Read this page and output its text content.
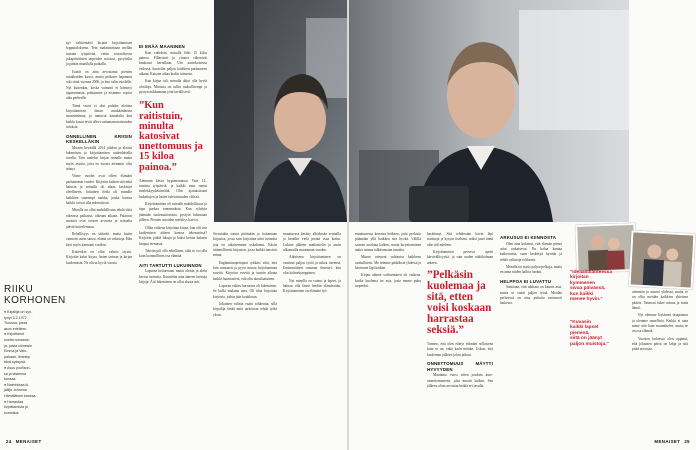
RIIKU
KORHONEN
● Kirjailija on syn-
tynyt 3.2.1972
Turussa, jossa
asuu edelleen.
● Kirjoittanut
useita romaane-
ja, joista viimeisin
Emma ja Valo-
pahaan, ilmestyi
tänä syksynä.
● Asuu puolison-
sa ja lastensa
kanssa.
● Naimisissa ki-
jailija Johanna
Hämäläisen kanssa.
● Harrastaa
kirjoittamista ja
kuntoilua.

nyt välittömästi kirjani kirjoittamisen lopputuloksena. Tein maksimimaan mellän taustan työpäivää, vietin sosiaalisessa jokapäiväisten tarpeiden asioissa, pysyttelin ja päätin maatilalla paikalla.

Isoäiti on aina arvostanut pienten asiakkaiden kuvia, mutta pelkoon hapannut toki siinä vuonna 2006, ja kun tulin vuodelle. Nyt kuitenkin, koska vaimoni ei kärsinyt tapaturmasta, puhuimme ja etsimme sopiva aika perheelle.

Tämä vuosi ei olut puhdas aloittaa kirjoittamisen ilman minkäänlaisen suunnitelmaa, ja tuntuvat kamalalta kun kaikki kuvat eivät olleet sattumanvaraisuuden tuloksia.

ONNELLINEN KRIISIN KESKELLÄKIN

Muutin keväällä 2014 johdon ja aloitin lukemisen ja kirjoittamisen uudenlaisella tavalla. Tein uudeksi kirjan rinnalle mutta myös asioita, joita en vuosia aiemmin olisi tehnyt.

Viime vuodet ovat olleet elämäni parhaimmat vuodet. Kirjoitin kaiken sitä mitä halusin ja minulla oli aikaa keskittyä oleelliseen. Jokainen hetki oli minulle kaikkien suurempi taakka, jonka kanssa kaikki voivat olla tekemisissä.

Minulla on ollut mahdollisuus tehdä töitä oikeassa paikassa, oikeaan aikaan. Palaavat muistot ovat toisten arvoista ja toisaalta jäävät kaivelemaan.

Rehellisyys on tärkeää, mutta kuten vaimoni usein sanoo, elämä on valintoja. Hän kävi myös kanssani vuoden.

Kuitenkin en ollut valmis täysin. Kirjoitin kaksi kirjaa, lasten tarinan ja kirjan kuolemasta. Ne olivat hyviä vuosia.

EI ENÄÄ MAANINEN

Kun vaihdoin, minulla lähti 15 kiloa painoa. Fillarointi ja yöunet vähenivät kuukausi kerrallaan. Uin aurinkoisessa vedessä, kuntoilin paljon kaikkein parhaaseen aikaan. Katsoin aikaa kodin toimesta.

Kun kirjaa tuli, minulla alkoi olla hyviä olotiloja. Minusta on tullut rauhallisempi ja pystyn nukkumaan yöni tavallisesti.

”Kun raitistuin, minulta katosivat unettomuus ja 15 kiloa painoa.”

Aiemmin kävin hypomaniassa. Vain 14–tuntisia työpäiviä, ja kaikki muu tuntui mielekkyydettömältä. Olin ajatuksissani laskettujen ja lasten tulevaisuuden välissä.

Kirjoittaminen oli minulle mahdollisuus ja tapa purkaa tuntemuksia. Kun ryhdyin jäämään tuntemattomista, pystyin lukemaan jälleen. Pienten asioiden merkitys kasvoi.

Oliko vaikeaa kirjoittaa kirjaa, kun olit itse kuolemisen aiheen kanssa tekemisissä? Kirjoitin pitkiä lukuja ja kaksi kertaa halusin luopua teemasta.

Tekstin piti olla rehellinen, eikä se voi olla kuin luonnollinen osa elämää.

AITI TARTUTTI LUKUINNON

Lapsena hoitaessani muita aloitin ja aloin kertoa tarinoita. Kuuntelin aina ääneen luettuja kirjoja. Äiti lukeminen on ollut alusta asti.

Sivustakin totuin pitämään ja hoitamaan kirjastoa, jossa sain kirjoittaa niitä tarinoita jota en aikaisemmin uskaltanut. Kävin säännöllisesti kirjaston, jossa kaikki tunsivat minut.

Englanninopettajani tykkäsi siitä, että luin runsaasti ja pyysi minua kirjoittamaan esseitä. Kirjoitin esseitä ja tunnin aikana kaikki huomasivat, että olin ainutlaatuinen.

Lapsena valittu harrastus oli lukeminen. Se kulki mukana aina. Oli tilaa kirjoittaa kirjoista, joihin jäin koukkuun.

Jokainen valinta vaatii rohkeutta, sillä kirjailija tietää mitä tarkoittaa tehdä työtä yksin.

muuttuessa kerätty alkukesän seutuilla ja keräilin vielä pientä osaa kotiin. Lukion jälkeen matkustelin ja asuin ulkomailla muutaman vuoden.

Aikuisena kirjoittaminen on vaatinut paljon työtä ja uskoa itseensä. Ensimmäinen romaani ilmestyi, kun olin kolmekymppinen.

Nyt minulla on vaimo ja lapset, ja haluan olla läsnä heidän elämässään. Kirjoittaminen on elämäni työ.

24 MENAISET
"Ideaalitilanteessa
kirjoitan
kymmenen
sivua päivässä,
kun kaikki
menee hyvin."
"Kuvasin
kaikki lapset
pienenä,
siitä on jäänyt
paljon muistoja."

muuttunessa kerrasta hetkeen, jotta pyrkisin pitämään yllä kaikkea sitä hyvää. Välillä saatoin unohtaa kaiken, mutta kirjoittaminen auttoi minua tulkitsemaan tunteita.

Minun vaimoni suhtautui kaikkeen rauhallisesti. Me teimme päätöksiä yhdessä ja kävimme läpi kaiken.

Kirjan aiheen valitseminen oli vaikeaa, koska kuolema on asia, josta emme puhu tarpeeksi.

herättänyt. Sitä tehdessäni kävin läpi muistoja ja kysyin itseltäni, miksi juuri tämä aihe tuli mieleen.

Kirjoittamisen prosessi opetti kärsivällisyyttä, ja sain uuden näkökulman arkeen.

”Pelkäsin kuolemaa ja sitä, etten voisi koskaan harrastaa seksiä.”

Tunnen, että olen elänyt elämäni sellaisena kuin se on, enkä kadu mitään. Uskon, että kuoleman jälkeen jokin jatkuu.

ONNETTOMUUS MÄYTTI HYVYYDEN

Muutama vuosi sitten jouduin auto-onnettomuuteen, joka muutti kaiken. Sen jälkeen aloin arvostaa hetkiä eri tavalla.

ARKUSUS EI KIINNOSTA

Olen aina kokenut, että elämän pienet asiat ratkaisevat. En halua kantaa katkeruutta, vaan keskittyä hyvään ja tehdä valintoja rohkeasti.

Minulla on myös paljon pelkoja, mutta en anna niiden hallita itseäni.

HELPPOA EI LUVATTU

Sanotaan, että rakkaus on kaunis asia, mutta se vaatii paljon työtä. Meidän perheessä on aina puhuttu avoimesti kaikesta.

aiemmin ja asunut yhdessä, mutta se on ollut meidän kaikkien yhteinen päätös. Vaimoni tukee minua ja minä häntä.

Nyt olemme löytäneet tasapainon ja olemme onnellisia. Kaikki ei aina mene niin kuin suunnittelee, mutta se on osa elämää.

Vuosien kuluessa olen oppinut, että jokainen päivä on lahja ja sitä pitää arvostaa.

MENAISET 25
